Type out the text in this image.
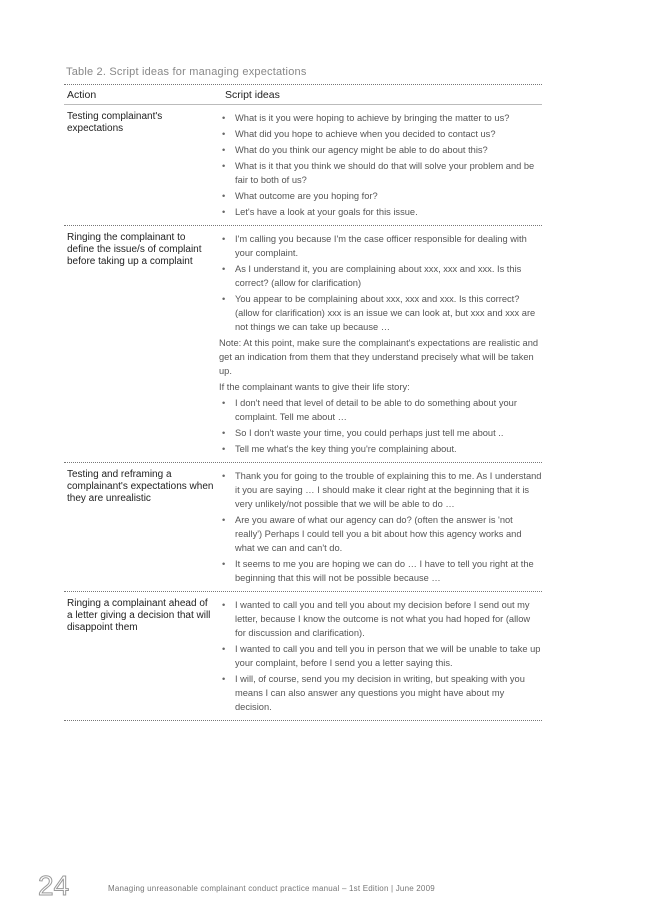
Table 2. Script ideas for managing expectations
Action	Script ideas
Testing complainant's expectations
• What is it you were hoping to achieve by bringing the matter to us?
• What did you hope to achieve when you decided to contact us?
• What do you think our agency might be able to do about this?
• What is it that you think we should do that will solve your problem and be fair to both of us?
• What outcome are you hoping for?
• Let's have a look at your goals for this issue.
Ringing the complainant to define the issue/s of complaint before taking up a complaint
• I'm calling you because I'm the case officer responsible for dealing with your complaint.
• As I understand it, you are complaining about xxx, xxx and xxx. Is this correct? (allow for clarification)
• You appear to be complaining about xxx, xxx and xxx. Is this correct? (allow for clarification) xxx is an issue we can look at, but xxx and xxx are not things we can take up because …

Note: At this point, make sure the complainant's expectations are realistic and get an indication from them that they understand precisely what will be taken up.

If the complainant wants to give their life story:

• I don't need that level of detail to be able to do something about your complaint. Tell me about …
• So I don't waste your time, you could perhaps just tell me about ..
• Tell me what's the key thing you're complaining about.
Testing and reframing a complainant's expectations when they are unrealistic
• Thank you for going to the trouble of explaining this to me. As I understand it you are saying … I should make it clear right at the beginning that it is very unlikely/not possible that we will be able to do …
• Are you aware of what our agency can do? (often the answer is 'not really') Perhaps I could tell you a bit about how this agency works and what we can and can't do.
• It seems to me you are hoping we can do … I have to tell you right at the beginning that this will not be possible because …
Ringing a complainant ahead of a letter giving a decision that will disappoint them
• I wanted to call you and tell you about my decision before I send out my letter, because I know the outcome is not what you had hoped for (allow for discussion and clarification).
• I wanted to call you and tell you in person that we will be unable to take up your complaint, before I send you a letter saying this.
• I will, of course, send you my decision in writing, but speaking with you means I can also answer any questions you might have about my decision.
24	Managing unreasonable complainant conduct practice manual – 1st Edition | June 2009
